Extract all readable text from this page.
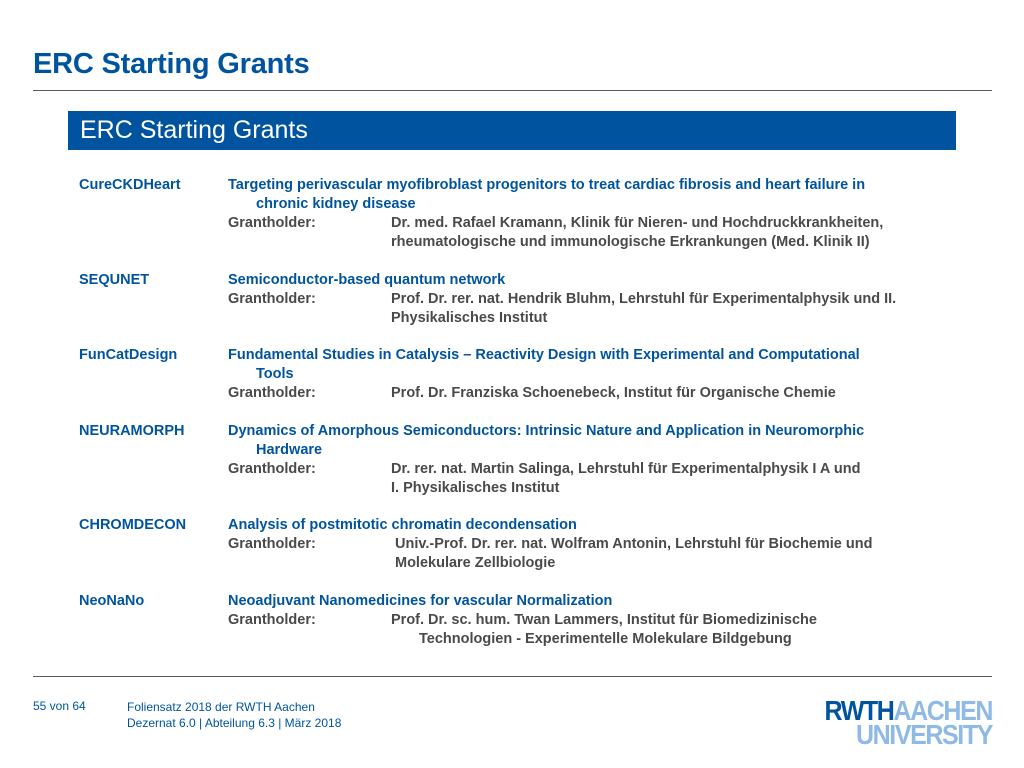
ERC Starting Grants
ERC Starting Grants
CureCKDHeart	Targeting perivascular myofibroblast progenitors to treat cardiac fibrosis and heart failure in
chronic kidney disease
Grantholder:	Dr. med. Rafael Kramann, Klinik für Nieren- und Hochdruckkrankheiten,
rheumatologische und immunologische Erkrankungen (Med. Klinik II)
SEQUNET	Semiconductor-based quantum network
Grantholder:	Prof. Dr. rer. nat. Hendrik Bluhm, Lehrstuhl für Experimentalphysik und II.
Physikalisches Institut
FunCatDesign	Fundamental Studies in Catalysis – Reactivity Design with Experimental and Computational
Tools
Grantholder:	Prof. Dr. Franziska Schoenebeck, Institut für Organische Chemie
NEURAMORPH	Dynamics of Amorphous Semiconductors: Intrinsic Nature and Application in Neuromorphic
Hardware
Grantholder:	Dr. rer. nat. Martin Salinga, Lehrstuhl für Experimentalphysik I A und
I. Physikalisches Institut
CHROMDECON	Analysis of postmitotic chromatin decondensation
Grantholder:	Univ.-Prof. Dr. rer. nat. Wolfram Antonin, Lehrstuhl für Biochemie und
Molekulare Zellbiologie
NeoNaNo	Neoadjuvant Nanomedicines for vascular Normalization
Grantholder:	Prof. Dr. sc. hum. Twan Lammers, Institut für Biomedizinische
Technologien - Experimentelle Molekulare Bildgebung
55 von 64	Foliensatz 2018 der RWTH Aachen
Dezernat 6.0 | Abteilung 6.3 | März 2018	RWTHAACHEN
UNIVERSITY
